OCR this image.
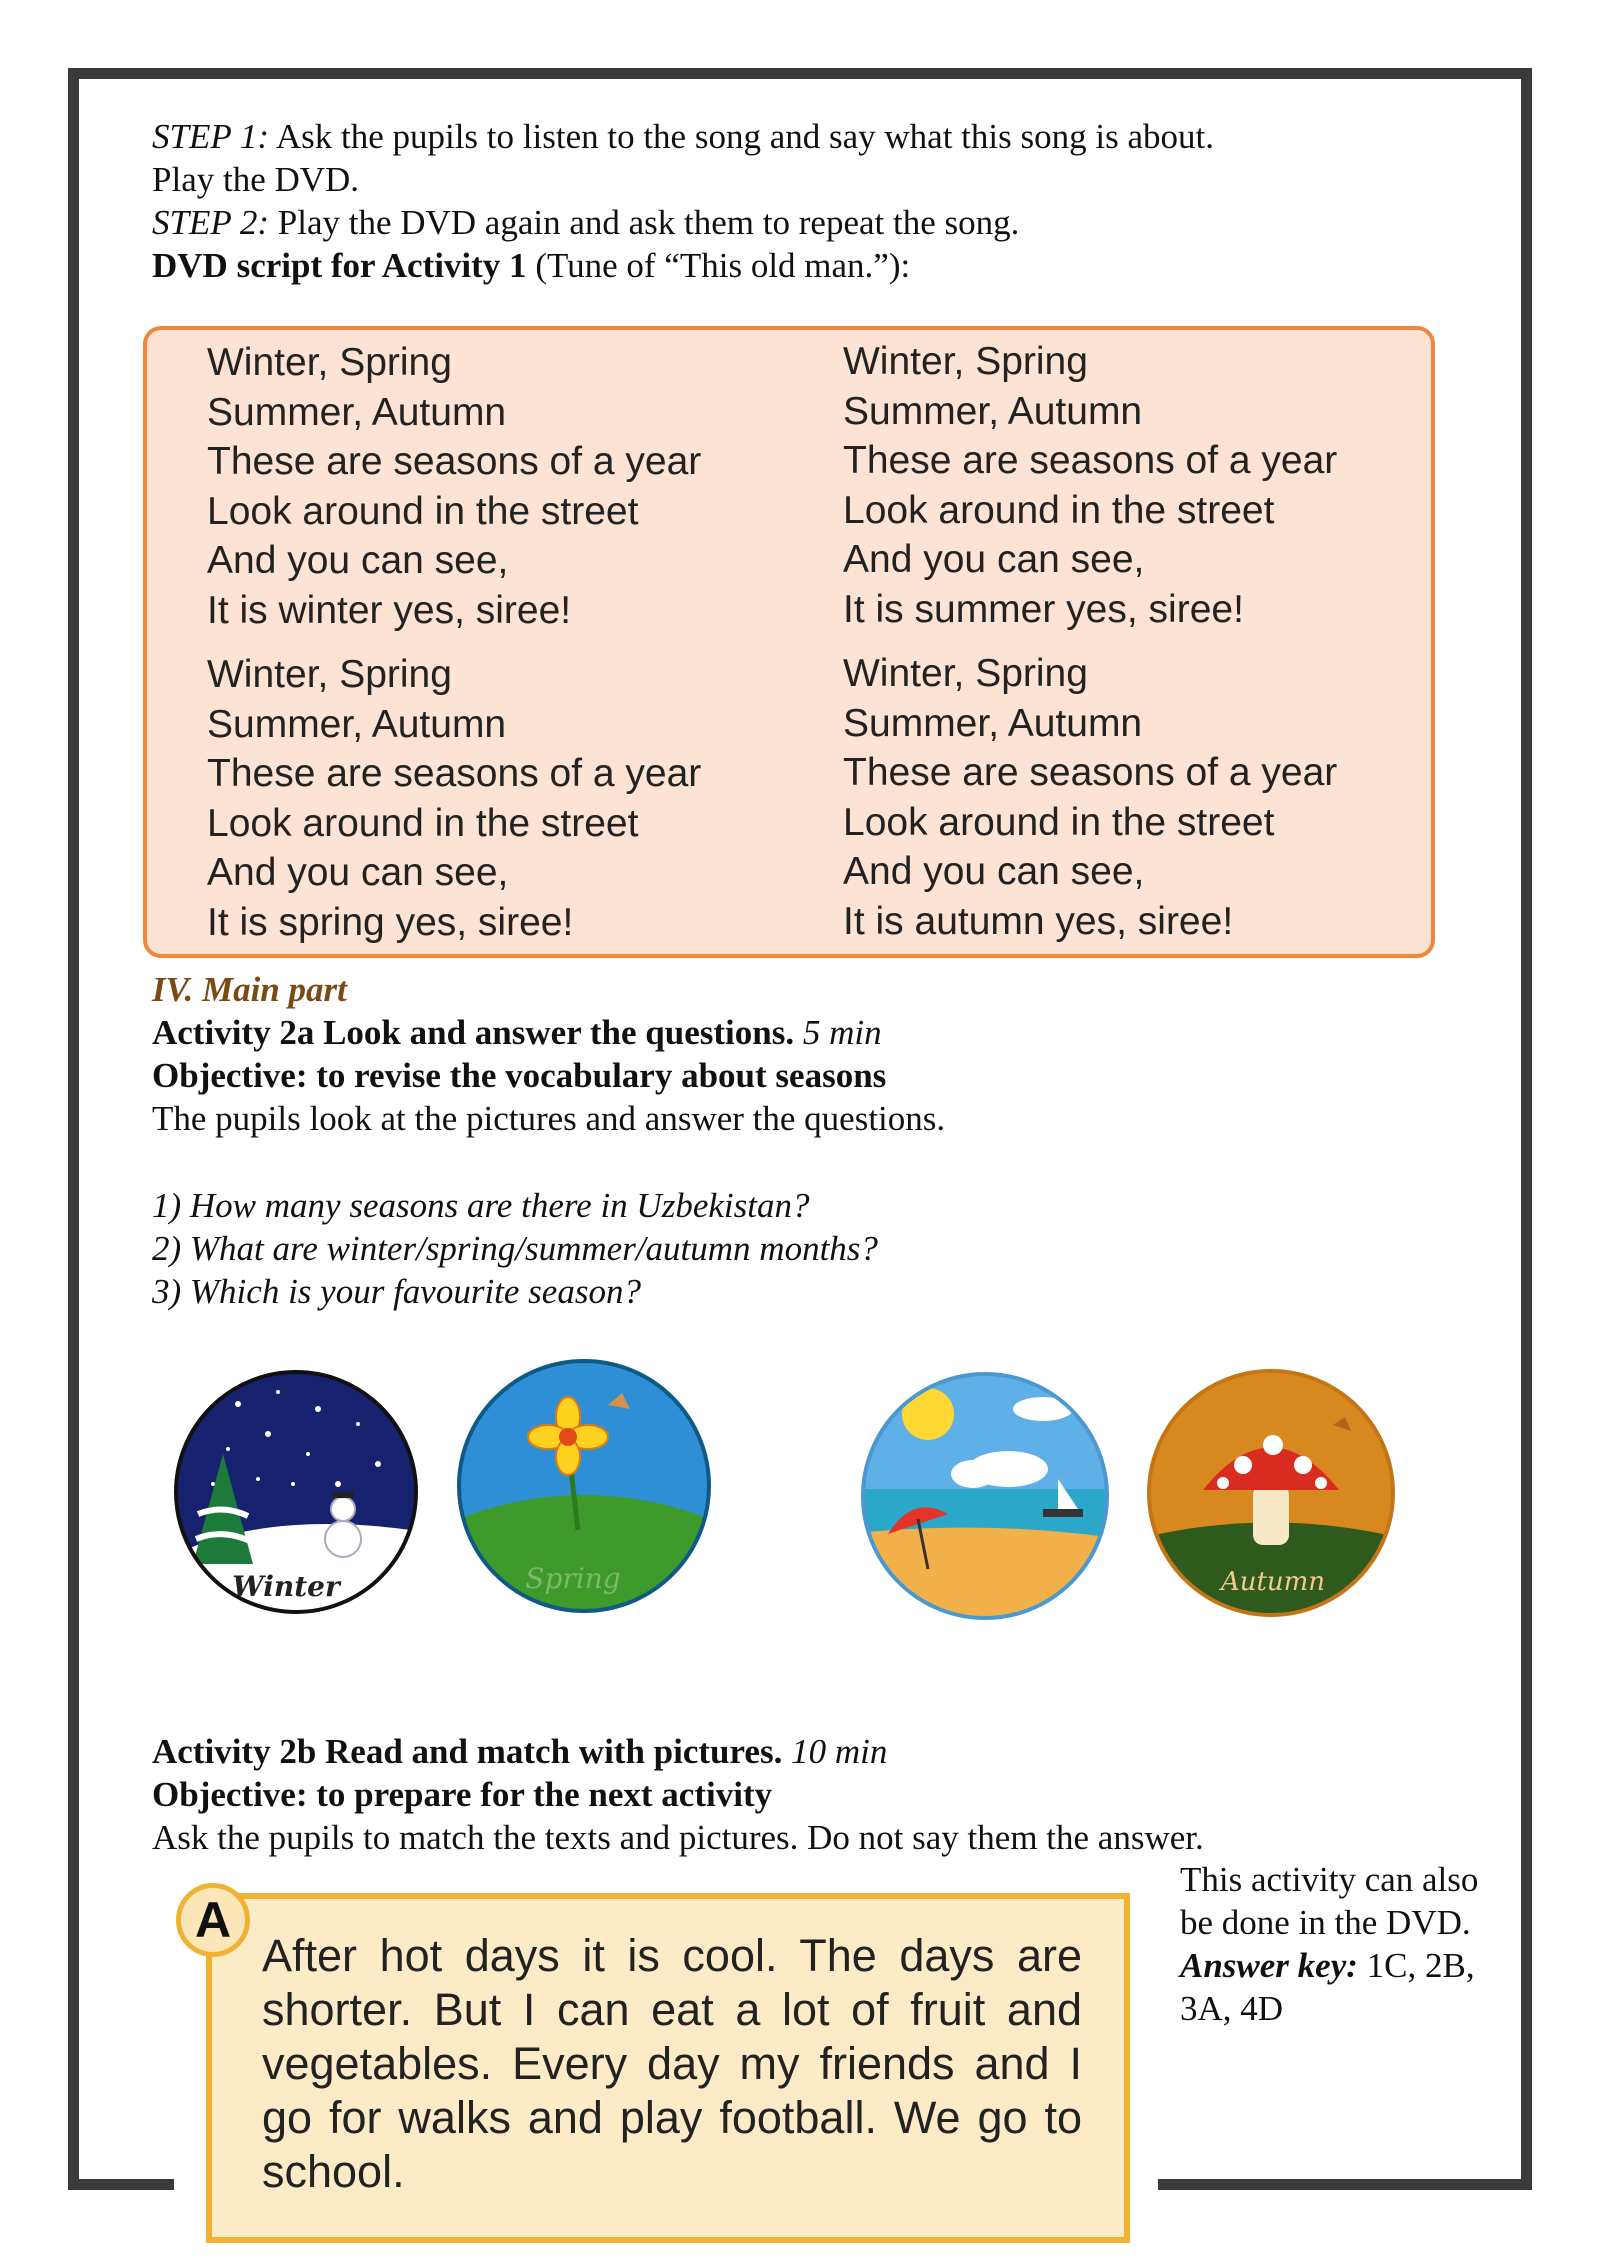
STEP 1: Ask the pupils to listen to the song and say what this song is about.
Play the DVD.
STEP 2: Play the DVD again and ask them to repeat the song.
DVD script for Activity 1 (Tune of “This old man.”):
Winter, Spring
Summer, Autumn
These are seasons of a year
Look around in the street
And you can see,
It is winter yes, siree!
Winter, Spring
Summer, Autumn
These are seasons of a year
Look around in the street
And you can see,
It is summer yes, siree!
Winter, Spring
Summer, Autumn
These are seasons of a year
Look around in the street
And you can see,
It is spring yes, siree!
Winter, Spring
Summer, Autumn
These are seasons of a year
Look around in the street
And you can see,
It is autumn yes, siree!
IV. Main part
Activity 2a Look and answer the questions. 5 min
Objective: to revise the vocabulary about seasons
The pupils look at the pictures and answer the questions.
1) How many seasons are there in Uzbekistan?
2) What are winter/spring/summer/autumn months?
3) Which is your favourite season?
Winter	Spring	Autumn
Activity 2b Read and match with pictures. 10 min
Objective: to prepare for the next activity
Ask the pupils to match the texts and pictures. Do not say them the answer.
This activity can also be done in the DVD.
Answer key: 1C, 2B, 3A, 4D
After hot days it is cool. The days are shorter. But I can eat a lot of fruit and vegetables. Every day my friends and I go for walks and play football. We go to school.
A
